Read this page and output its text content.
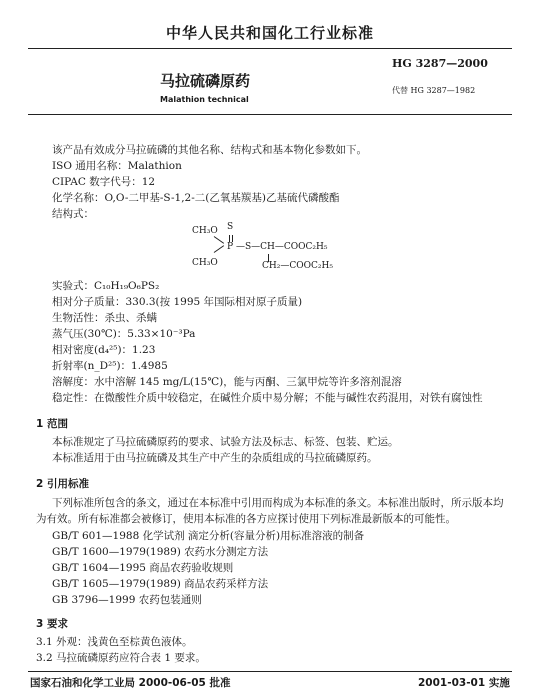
中华人民共和国化工行业标准
HG 3287—2000
马拉硫磷原药
Malathion technical
代替 HG 3287—1982
该产品有效成分马拉硫磷的其他名称、结构式和基本物化参数如下。
ISO 通用名称：Malathion
CIPAC 数字代号：12
化学名称：O,O-二甲基-S-1,2-二(乙氧基羰基)乙基硫代磷酸酯
结构式：
S
CH₃O
P —S—CH—COOC₂H₅
CH₃O	CH₂—COOC₂H₅
实验式：C₁₀H₁₉O₆PS₂
相对分子质量：330.3(按 1995 年国际相对原子质量)
生物活性：杀虫、杀螨
蒸气压(30℃)：5.33×10⁻³Pa
相对密度(d₄²⁵)：1.23
折射率(n_D²⁵)：1.4985
溶解度：水中溶解 145 mg/L(15℃)，能与丙酮、三氯甲烷等许多溶剂混溶
稳定性：在微酸性介质中较稳定，在碱性介质中易分解；不能与碱性农药混用，对铁有腐蚀性
1 范围
本标准规定了马拉硫磷原药的要求、试验方法及标志、标签、包装、贮运。
本标准适用于由马拉硫磷及其生产中产生的杂质组成的马拉硫磷原药。
2 引用标准
下列标准所包含的条文，通过在本标准中引用而构成为本标准的条文。本标准出版时，所示版本均
为有效。所有标准都会被修订，使用本标准的各方应探讨使用下列标准最新版本的可能性。
GB/T 601—1988 化学试剂 滴定分析(容量分析)用标准溶液的制备
GB/T 1600—1979(1989) 农药水分测定方法
GB/T 1604—1995 商品农药验收规则
GB/T 1605—1979(1989) 商品农药采样方法
GB 3796—1999 农药包装通则
3 要求
3.1 外观：浅黄色至棕黄色液体。
3.2 马拉硫磷原药应符合表 1 要求。
国家石油和化学工业局 2000-06-05 批准	2001-03-01 实施
